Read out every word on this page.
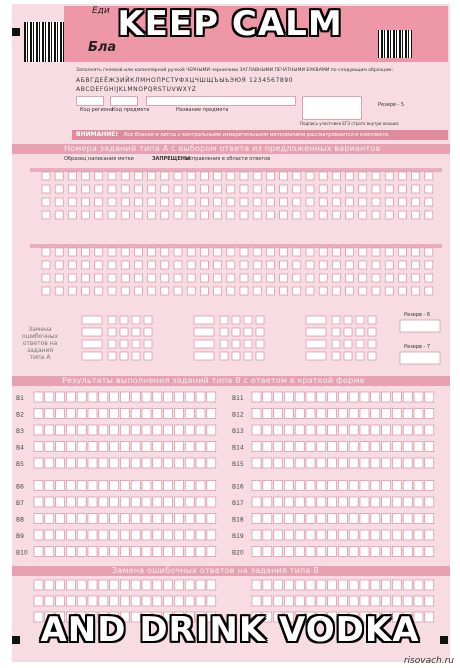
Еди
Бла
Заполнять гелевой или капиллярной ручкой ЧЕРНЫМИ чернилами ЗАГЛАВНЫМИ ПЕЧАТНЫМИ БУКВАМИ по следующим образцам:
АБВГДЕЁЖЗИЙКЛМНОПРСТУФХЦЧШЩЪЫЬЭЮЯ 1234567890
ABCDEFGHIJKLMNOPQRSTUVWXYZ
Код региона
Код предмета	Название предмета
Подпись участника ЕГЭ строго внутри окошка
Резерв - 5
ВНИМАНИЕ! Все бланки и листы с контрольными измерительными материалами рассматриваются в комплекте.
Номера заданий типа А с выбором ответа из предложенных вариантов
Образец написания метки	ЗАПРЕЩЕНЫ
исправления в области ответов
B1	B11
B2	B12
B3	B13
B4	B14
B5	B15
B6	B16
B7	B17
B8	B18
B9	B19
B10	B20
Замена ошибочных ответов на задания типа А
Резерв - 6
Резерв - 7
Результаты выполнения заданий типа В с ответом в краткой форме
Замена ошибочных ответов на задания типа В
KEEP CALM
AND DRINK VODKA
risovach.ru
